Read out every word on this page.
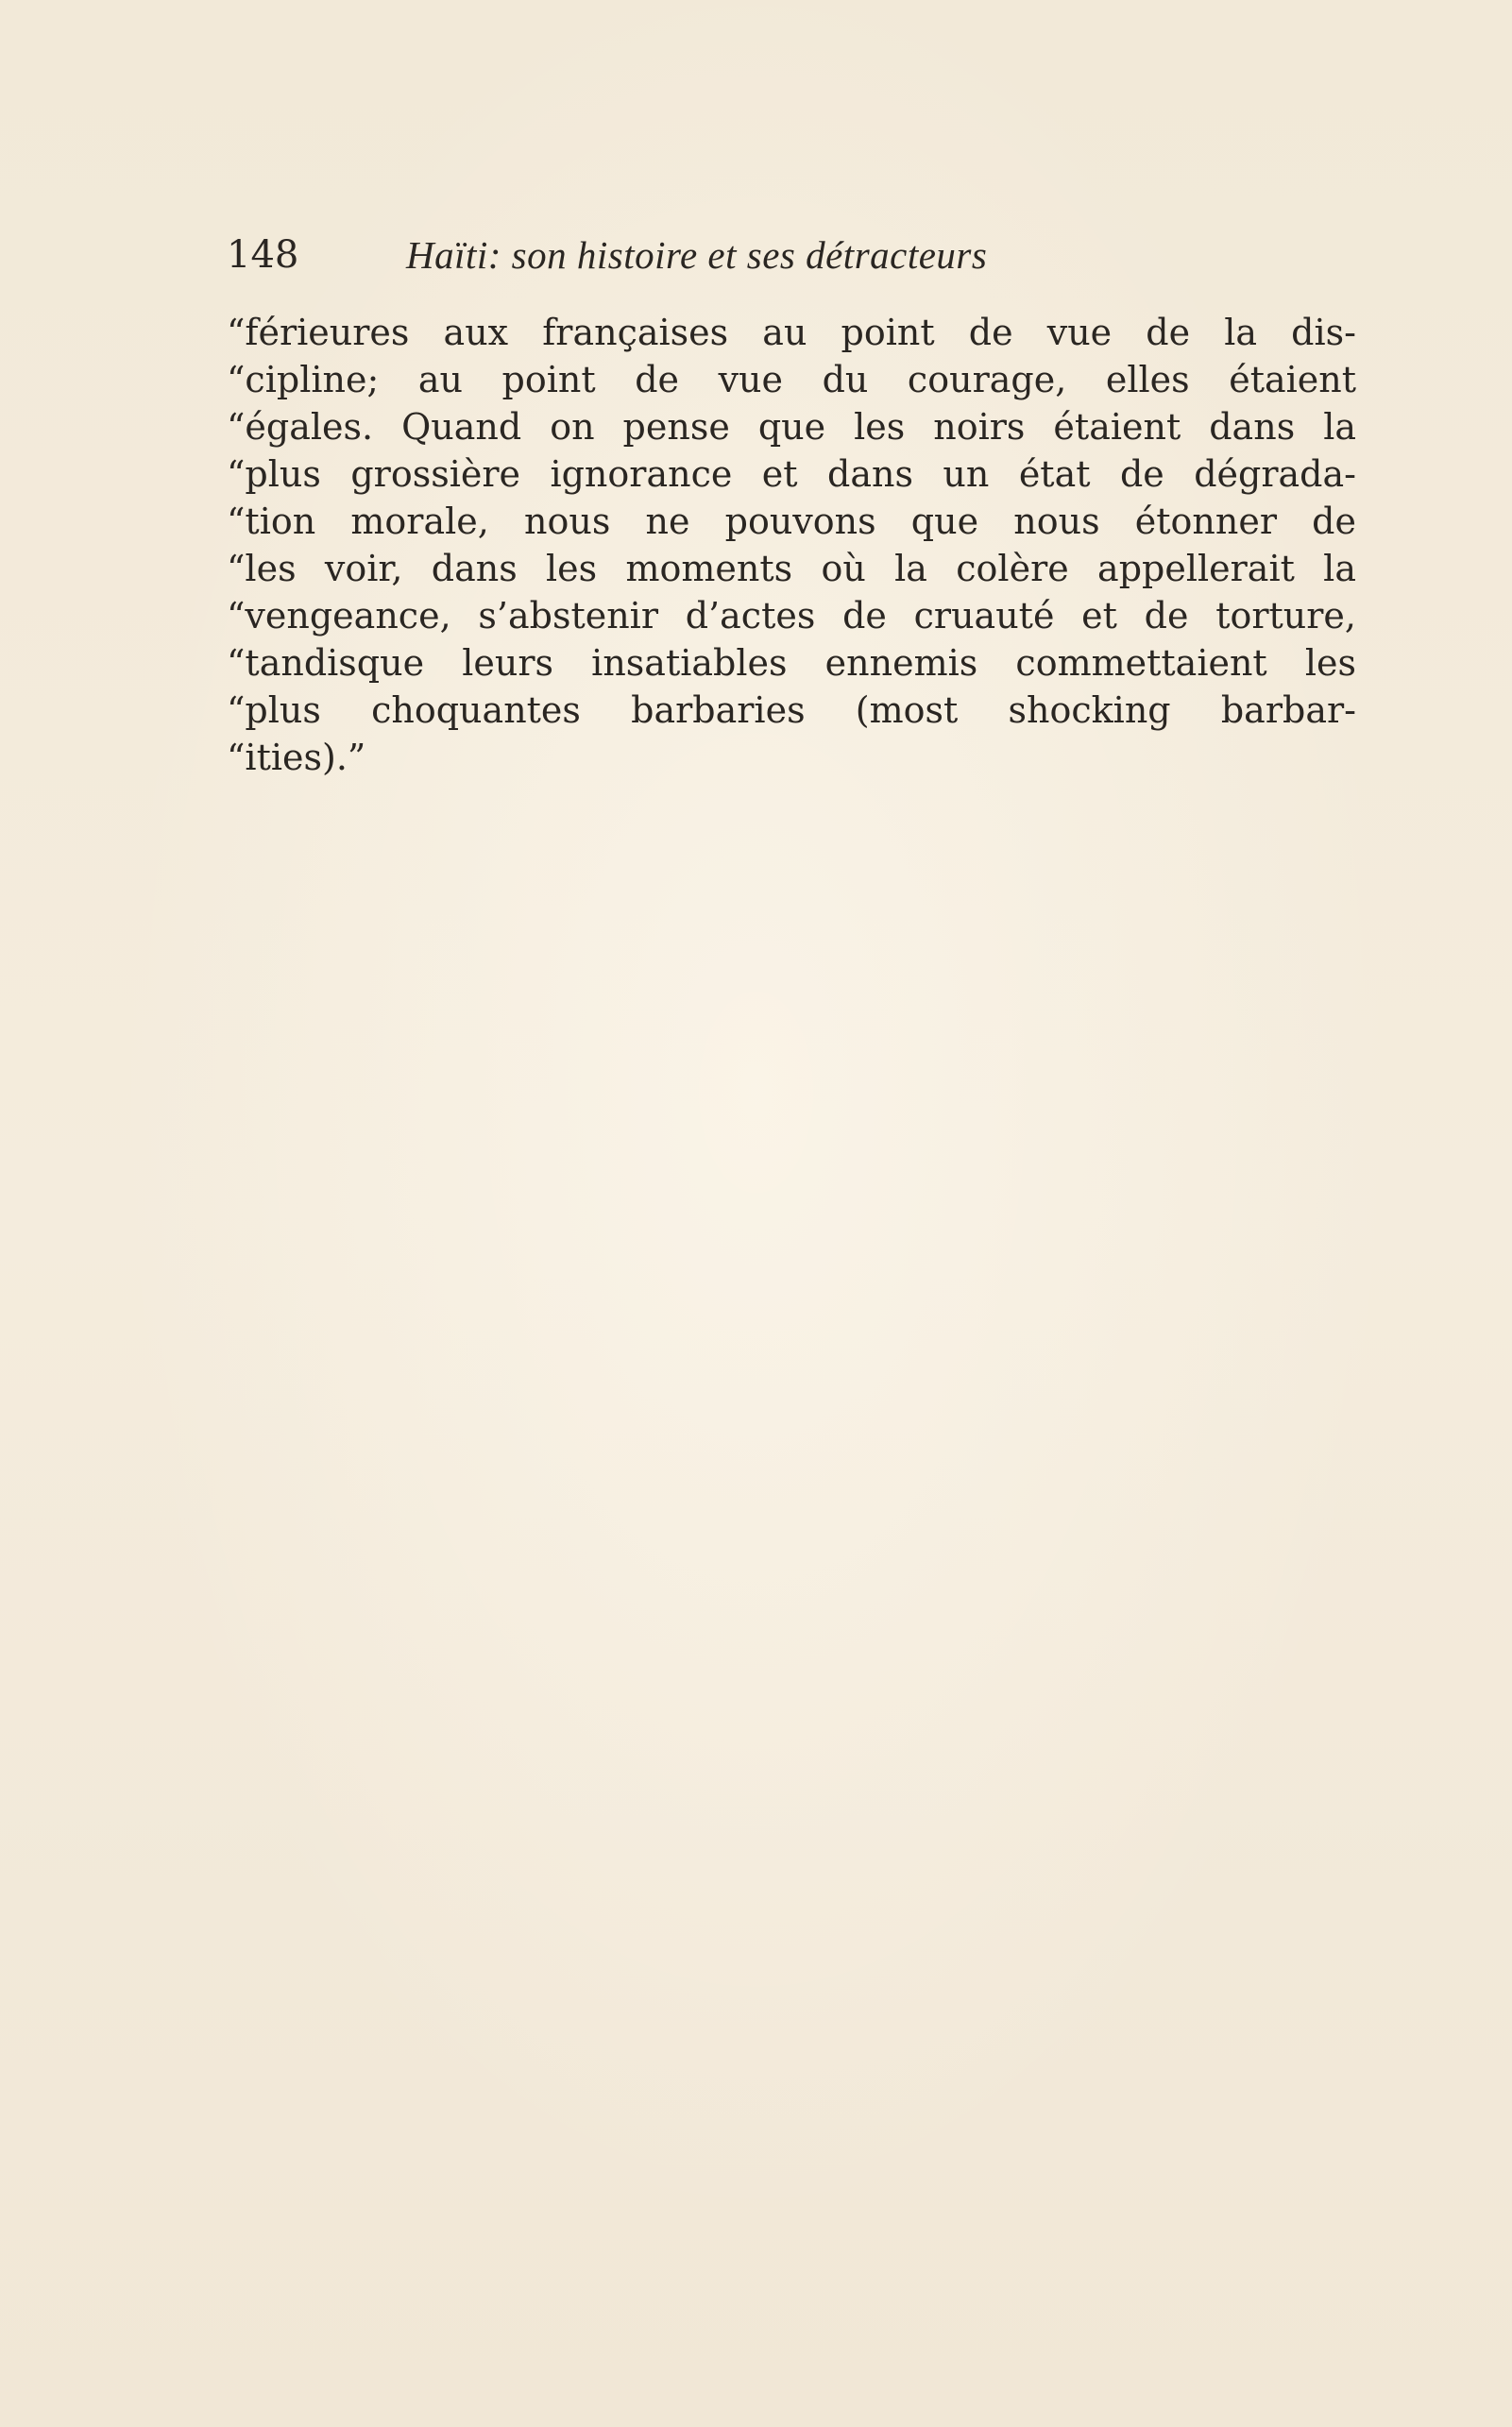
148	Haïti: son histoire et ses détracteurs
“férieures aux françaises au point de vue de la dis-
“cipline; au point de vue du courage, elles étaient
“égales. Quand on pense que les noirs étaient dans la
“plus grossière ignorance et dans un état de dégrada-
“tion morale, nous ne pouvons que nous étonner de
“les voir, dans les moments où la colère appellerait la
“vengeance, s’abstenir d’actes de cruauté et de torture,
“tandisque leurs insatiables ennemis commettaient les
“plus choquantes barbaries (most shocking barbar-
“ities).”
